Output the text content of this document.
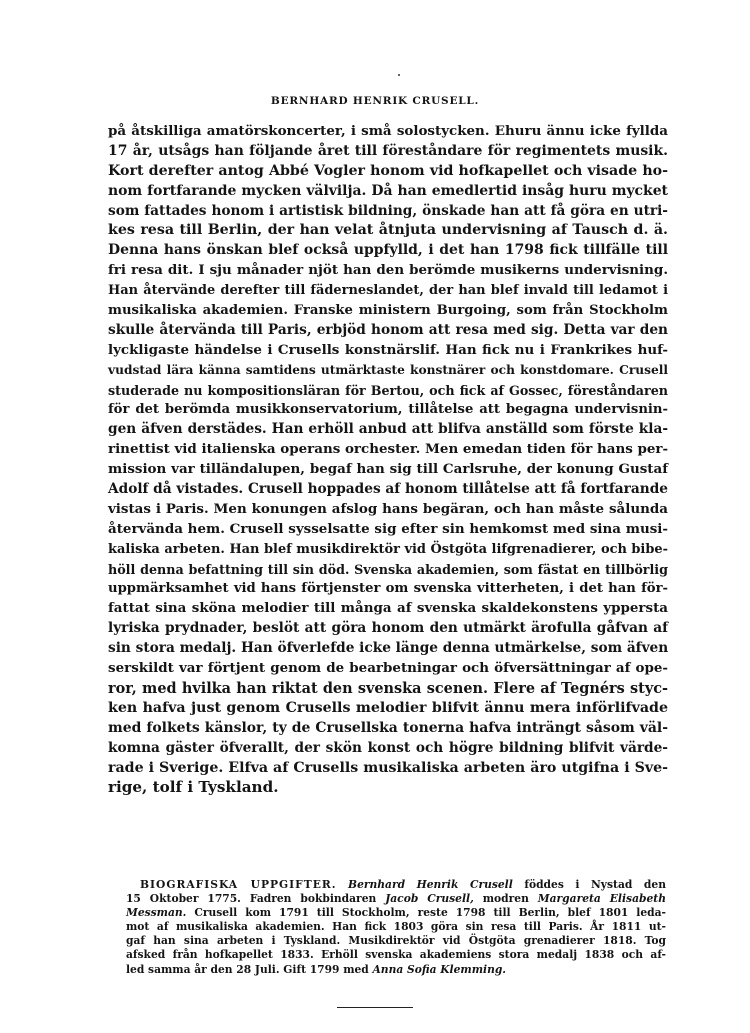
BERNHARD HENRIK CRUSELL.
på åtskilliga amatörskoncerter, i små solostycken. Ehuru ännu icke fyllda
17 år, utsågs han följande året till föreståndare för regimentets musik.
Kort derefter antog Abbé Vogler honom vid hofkapellet och visade ho-
nom fortfarande mycken välvilja. Då han emedlertid insåg huru mycket
som fattades honom i artistisk bildning, önskade han att få göra en utri-
kes resa till Berlin, der han velat åtnjuta undervisning af Tausch d. ä.
Denna hans önskan blef också uppfylld, i det han 1798 fick tillfälle till
fri resa dit. I sju månader njöt han den berömde musikerns undervisning.
Han återvände derefter till fäderneslandet, der han blef invald till ledamot i
musikaliska akademien. Franske ministern Burgoing, som från Stockholm
skulle återvända till Paris, erbjöd honom att resa med sig. Detta var den
lyckligaste händelse i Crusells konstnärslif. Han fick nu i Frankrikes huf-
vudstad lära känna samtidens utmärktaste konstnärer och konstdomare. Crusell
studerade nu kompositionsläran för Bertou, och fick af Gossec, föreståndaren
för det berömda musikkonservatorium, tillåtelse att begagna undervisnin-
gen äfven derstädes. Han erhöll anbud att blifva anställd som förste kla-
rinettist vid italienska operans orchester. Men emedan tiden för hans per-
mission var tilländalupen, begaf han sig till Carlsruhe, der konung Gustaf
Adolf då vistades. Crusell hoppades af honom tillåtelse att få fortfarande
vistas i Paris. Men konungen afslog hans begäran, och han måste sålunda
återvända hem. Crusell sysselsatte sig efter sin hemkomst med sina musi-
kaliska arbeten. Han blef musikdirektör vid Östgöta lifgrenadierer, och bibe-
höll denna befattning till sin död. Svenska akademien, som fästat en tillbörlig
uppmärksamhet vid hans förtjenster om svenska vitterheten, i det han för-
fattat sina sköna melodier till många af svenska skaldekonstens yppersta
lyriska prydnader, beslöt att göra honom den utmärkt ärofulla gåfvan af
sin stora medalj. Han öfverlefde icke länge denna utmärkelse, som äfven
serskildt var förtjent genom de bearbetningar och öfversättningar af ope-
ror, med hvilka han riktat den svenska scenen. Flere af Tegnérs styc-
ken hafva just genom Crusells melodier blifvit ännu mera införlifvade
med folkets känslor, ty de Crusellska tonerna hafva inträngt såsom väl-
komna gäster öfverallt, der skön konst och högre bildning blifvit värde-
rade i Sverige. Elfva af Crusells musikaliska arbeten äro utgifna i Sve-
rige, tolf i Tyskland.
BIOGRAFISKA UPPGIFTER. Bernhard Henrik Crusell föddes i Nystad den
15 Oktober 1775. Fadren bokbindaren Jacob Crusell, modren Margareta Elisabeth
Messman. Crusell kom 1791 till Stockholm, reste 1798 till Berlin, blef 1801 leda-
mot af musikaliska akademien. Han fick 1803 göra sin resa till Paris. År 1811 ut-
gaf han sina arbeten i Tyskland. Musikdirektör vid Östgöta grenadierer 1818. Tog
afsked från hofkapellet 1833. Erhöll svenska akademiens stora medalj 1838 och af-
led samma år den 28 Juli. Gift 1799 med Anna Sofia Klemming.
